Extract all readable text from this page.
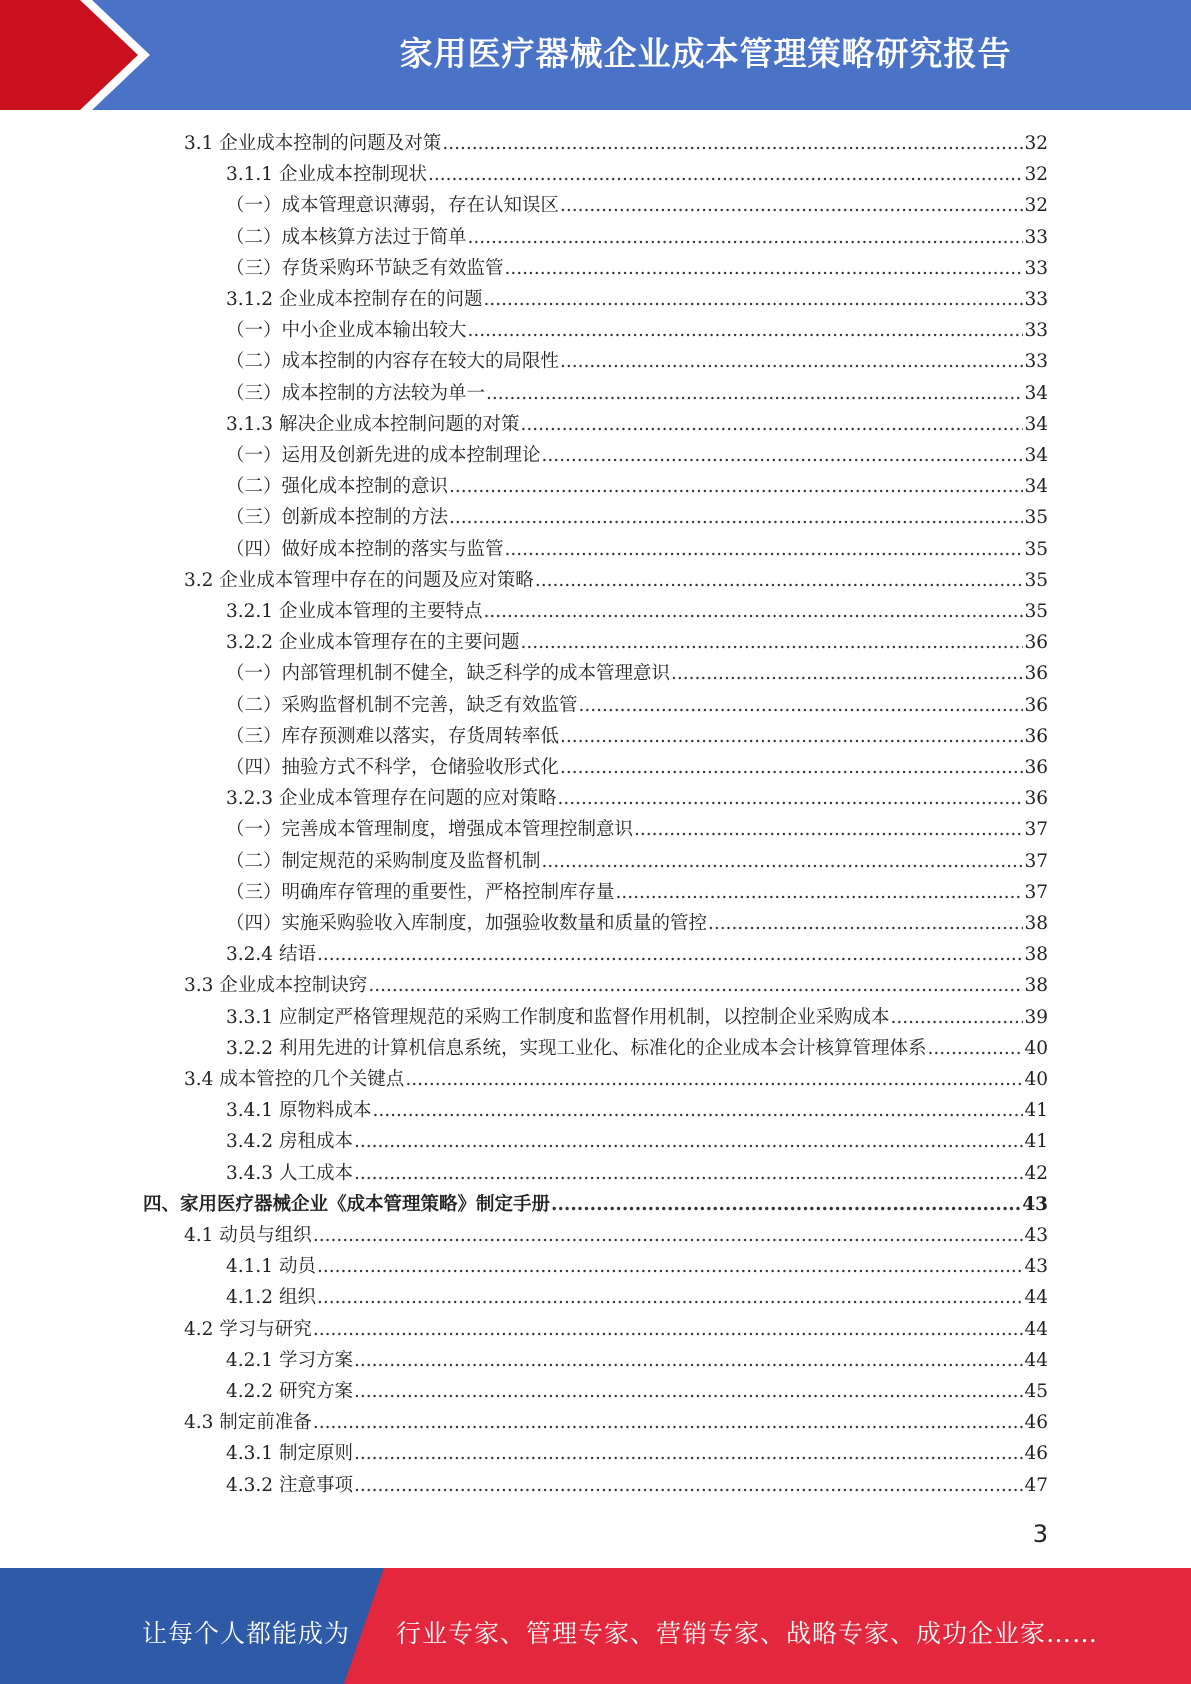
家用医疗器械企业成本管理策略研究报告
3.1 企业成本控制的问题及对策 .....	32
3.1.1 企业成本控制现状 .....	32
（一）成本管理意识薄弱，存在认知误区 .....	32
（二）成本核算方法过于简单 .....	33
（三）存货采购环节缺乏有效监管 .....	33
3.1.2 企业成本控制存在的问题 .....	33
（一）中小企业成本输出较大 .....	33
（二）成本控制的内容存在较大的局限性 .....	33
（三）成本控制的方法较为单一 .....	34
3.1.3 解决企业成本控制问题的对策 .....	34
（一）运用及创新先进的成本控制理论 .....	34
（二）强化成本控制的意识 .....	34
（三）创新成本控制的方法 .....	35
（四）做好成本控制的落实与监管 .....	35
3.2 企业成本管理中存在的问题及应对策略 .....	35
3.2.1 企业成本管理的主要特点 .....	35
3.2.2 企业成本管理存在的主要问题 .....	36
（一）内部管理机制不健全，缺乏科学的成本管理意识 .....	36
（二）采购监督机制不完善，缺乏有效监管 .....	36
（三）库存预测难以落实，存货周转率低 .....	36
（四）抽验方式不科学，仓储验收形式化 .....	36
3.2.3 企业成本管理存在问题的应对策略 .....	36
（一）完善成本管理制度，增强成本管理控制意识 .....	37
（二）制定规范的采购制度及监督机制 .....	37
（三）明确库存管理的重要性，严格控制库存量 .....	37
（四）实施采购验收入库制度，加强验收数量和质量的管控 .....	38
3.2.4 结语 .....	38
3.3 企业成本控制诀窍 .....	38
3.3.1 应制定严格管理规范的采购工作制度和监督作用机制，以控制企业采购成本 .....	39
3.2.2 利用先进的计算机信息系统，实现工业化、标准化的企业成本会计核算管理体系 .....	40
3.4 成本管控的几个关键点 .....	40
3.4.1 原物料成本 .....	41
3.4.2 房租成本 .....	41
3.4.3 人工成本 .....	42
四、家用医疗器械企业《成本管理策略》制定手册 .....	43
4.1 动员与组织 .....	43
4.1.1 动员 .....	43
4.1.2 组织 .....	44
4.2 学习与研究 .....	44
4.2.1 学习方案 .....	44
4.2.2 研究方案 .....	45
4.3 制定前准备 .....	46
4.3.1 制定原则 .....	46
4.3.2 注意事项 .....	47
3
让每个人都能成为 行业专家、管理专家、营销专家、战略专家、成功企业家……
